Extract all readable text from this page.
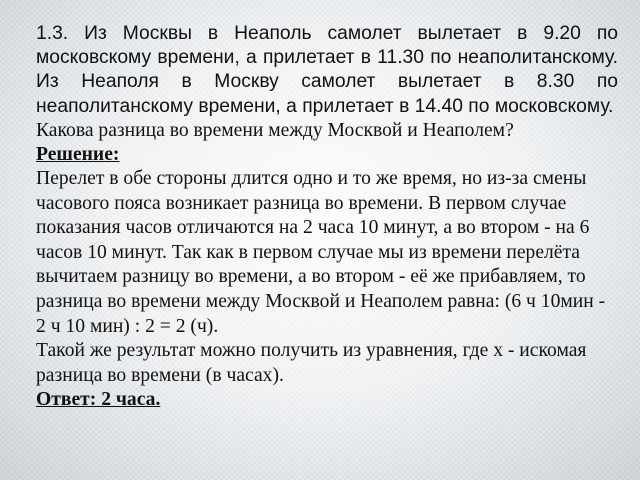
1.3. Из Москвы в Неаполь самолет вылетает в 9.20 по московскому времени, а прилетает в 11.30 по неаполитанскому. Из Неаполя в Москву самолет вылетает в 8.30 по неаполитанскому времени, а прилетает в 14.40 по московскому.

Какова разница во времени между Москвой и Неаполем?

Решение:

Перелет в обе стороны длится одно и то же время, но из-за смены часового пояса возникает разница во времени. В первом случае показания часов отличаются на 2 часа 10 минут, а во втором - на 6 часов 10 минут. Так как в первом случае мы из времени перелёта вычитаем разницу во времени, а во втором - её же прибавляем, то разница во времени между Москвой и Неаполем равна: (6 ч 10мин - 2 ч 10 мин) : 2 = 2 (ч).

Такой же результат можно получить из уравнения, где х - искомая разница во времени (в часах).

Ответ: 2 часа.
